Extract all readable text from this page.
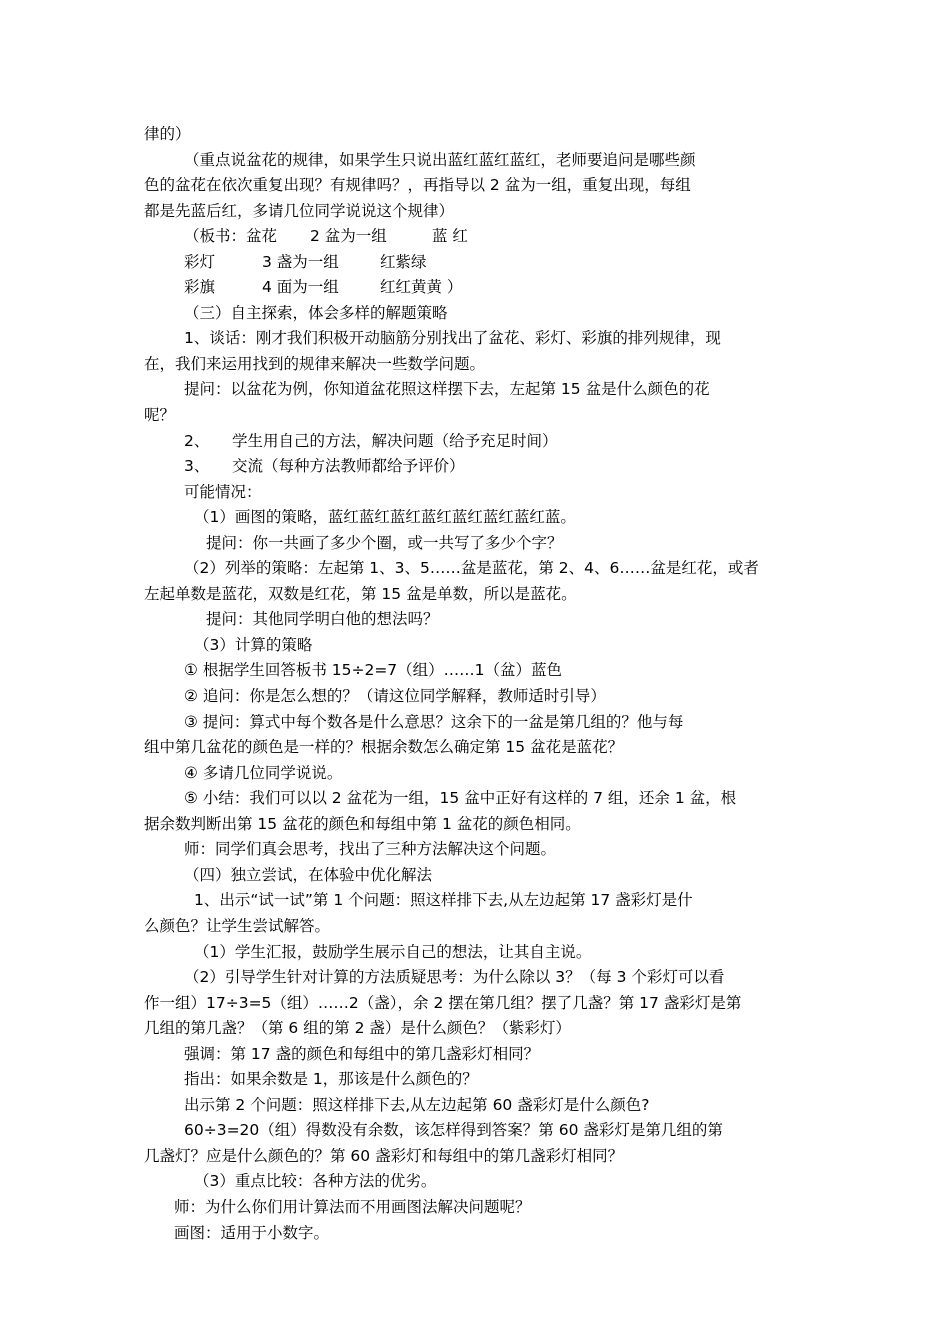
律的）
（重点说盆花的规律，如果学生只说出蓝红蓝红蓝红，老师要追问是哪些颜
色的盆花在依次重复出现？有规律吗？，再指导以 2 盆为一组，重复出现，每组
都是先蓝后红，多请几位同学说说这个规律）
（板书：盆花 2 盆为一组	蓝 红
彩灯	3 盏为一组	红紫绿
彩旗	4 面为一组	红红黄黄 ）
（三）自主探索，体会多样的解题策略
1、谈话：刚才我们积极开动脑筋分别找出了盆花、彩灯、彩旗的排列规律，现
在，我们来运用找到的规律来解决一些数学问题。
提问：以盆花为例，你知道盆花照这样摆下去，左起第 15 盆是什么颜色的花
呢？
2、 学生用自己的方法，解决问题（给予充足时间）
3、 交流（每种方法教师都给予评价）
可能情况：
（1）画图的策略，蓝红蓝红蓝红蓝红蓝红蓝红蓝红蓝。
提问：你一共画了多少个圈，或一共写了多少个字？
（2）列举的策略：左起第 1、3、5……盆是蓝花，第 2、4、6……盆是红花，或者
左起单数是蓝花，双数是红花，第 15 盆是单数，所以是蓝花。
提问：其他同学明白他的想法吗？
（3）计算的策略
① 根据学生回答板书 15÷2=7（组）……1（盆）蓝色
② 追问：你是怎么想的？（请这位同学解释，教师适时引导）
③ 提问：算式中每个数各是什么意思？这余下的一盆是第几组的？他与每
组中第几盆花的颜色是一样的？根据余数怎么确定第 15 盆花是蓝花？
④ 多请几位同学说说。
⑤ 小结：我们可以以 2 盆花为一组，15 盆中正好有这样的 7 组，还余 1 盆，根
据余数判断出第 15 盆花的颜色和每组中第 1 盆花的颜色相同。
师：同学们真会思考，找出了三种方法解决这个问题。
（四）独立尝试，在体验中优化解法
1、出示“试一试”第 1 个问题：照这样排下去,从左边起第 17 盏彩灯是什
么颜色？让学生尝试解答。
（1）学生汇报，鼓励学生展示自己的想法，让其自主说。
（2）引导学生针对计算的方法质疑思考：为什么除以 3？（每 3 个彩灯可以看
作一组）17÷3=5（组）……2（盏），余 2 摆在第几组？摆了几盏？第 17 盏彩灯是第
几组的第几盏？（第 6 组的第 2 盏）是什么颜色？（紫彩灯）
强调：第 17 盏的颜色和每组中的第几盏彩灯相同？
指出：如果余数是 1，那该是什么颜色的？
出示第 2 个问题：照这样排下去,从左边起第 60 盏彩灯是什么颜色?
60÷3=20（组）得数没有余数，该怎样得到答案？第 60 盏彩灯是第几组的第
几盏灯？应是什么颜色的？第 60 盏彩灯和每组中的第几盏彩灯相同？
（3）重点比较：各种方法的优劣。
师：为什么你们用计算法而不用画图法解决问题呢？
画图：适用于小数字。
